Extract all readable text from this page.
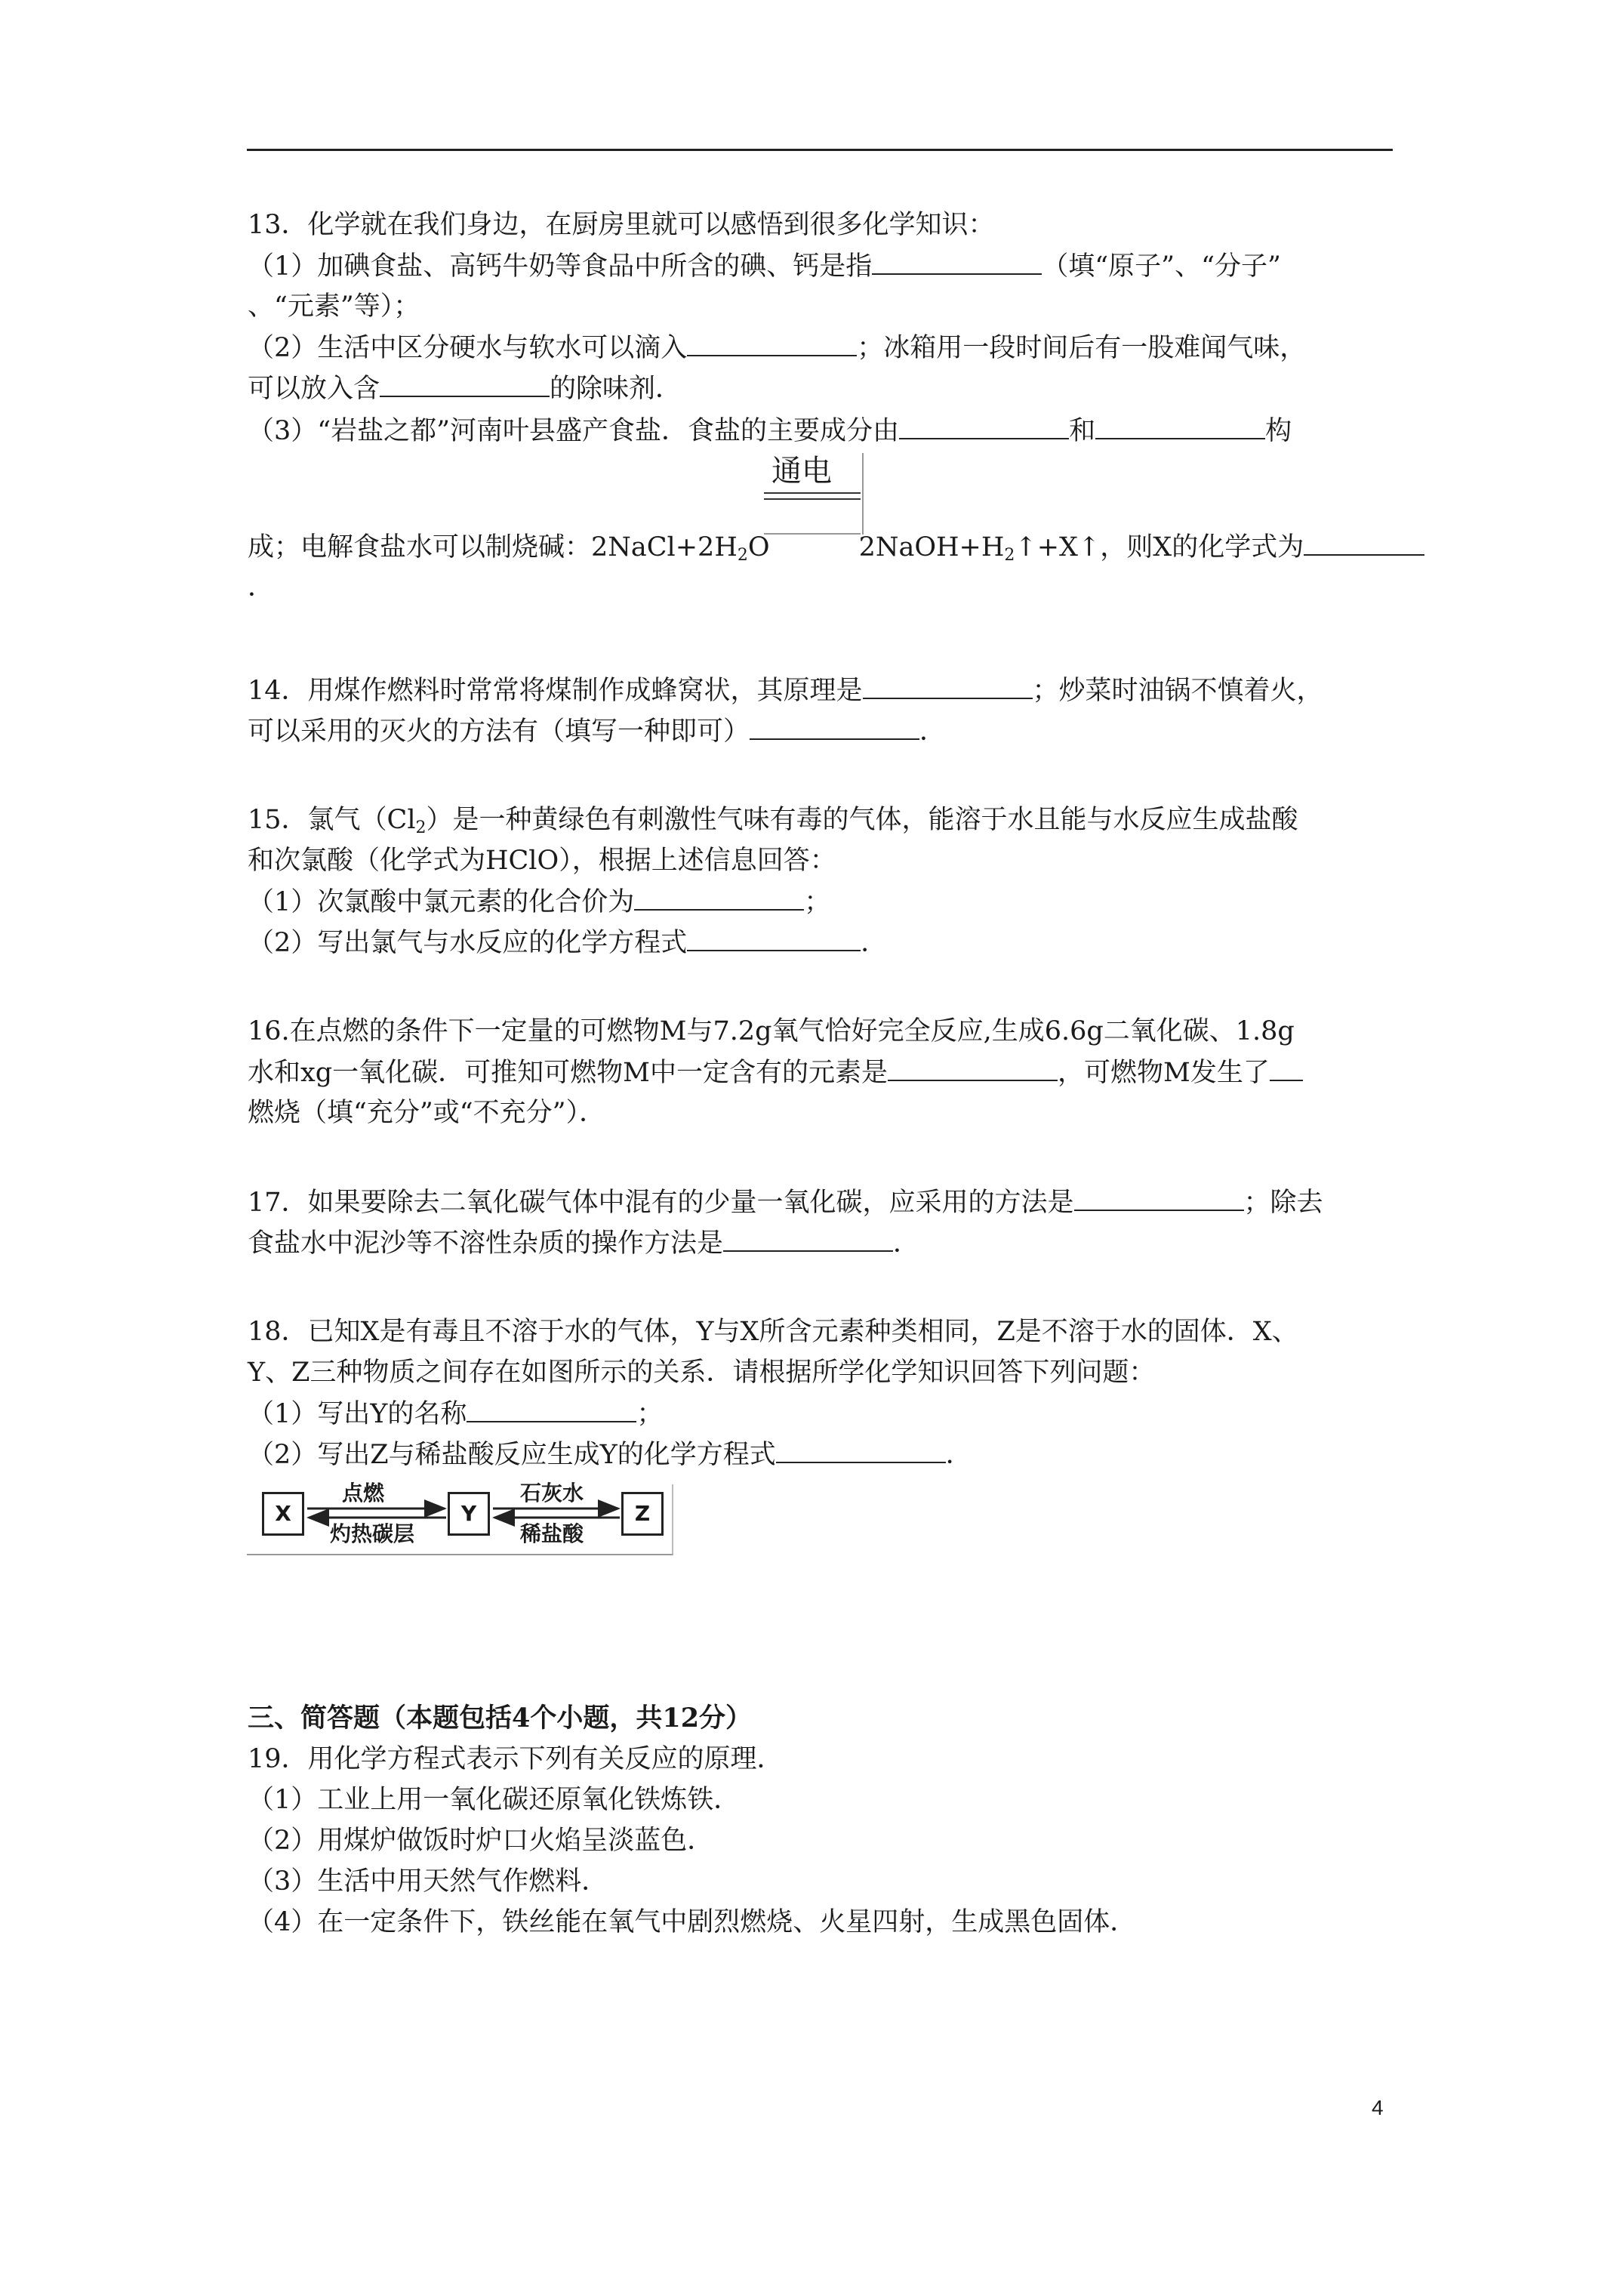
13．化学就在我们身边，在厨房里就可以感悟到很多化学知识：
（1）加碘食盐、高钙牛奶等食品中所含的碘、钙是指	（填“原子”、“分子”
、“元素”等）；
（2）生活中区分硬水与软水可以滴入	；冰箱用一段时间后有一股难闻气味，
可以放入含	的除味剂．
（3）“岩盐之都”河南叶县盛产食盐．食盐的主要成分由	和	构
通电
成；电解食盐水可以制烧碱：$2NaCl+2H_2O$	$2NaOH+H_2↑+X↑$，则X的化学式为
．
14．用煤作燃料时常常将煤制作成蜂窝状，其原理是	；炒菜时油锅不慎着火，
可以采用的灭火的方法有（填写一种即可）	．
15．氯气$(Cl_2)$是一种黄绿色有刺激性气味有毒的气体，能溶于水且能与水反应生成盐酸
和次氯酸（化学式为HClO），根据上述信息回答：
（1）次氯酸中氯元素的化合价为	；
（2）写出氯气与水反应的化学方程式	．
16.在点燃的条件下一定量的可燃物M与7.2g氧气恰好完全反应,生成6.6g二氧化碳、1.8g
水和xg一氧化碳．可推知可燃物M中一定含有的元素是	，可燃物M发生了
燃烧（填“充分”或“不充分”）．
17．如果要除去二氧化碳气体中混有的少量一氧化碳，应采用的方法是	；除去
食盐水中泥沙等不溶性杂质的操作方法是	．
18．已知X是有毒且不溶于水的气体，Y与X所含元素种类相同，Z是不溶于水的固体．X、
Y、Z三种物质之间存在如图所示的关系．请根据所学化学知识回答下列问题：
（1）写出Y的名称	；
（2）写出Z与稀盐酸反应生成Y的化学方程式	．
X	Y	Z
点燃
灼热碳层
石灰水
稀盐酸
三、简答题（本题包括4个小题，共12分）
19．用化学方程式表示下列有关反应的原理．
（1）工业上用一氧化碳还原氧化铁炼铁．
（2）用煤炉做饭时炉口火焰呈淡蓝色．
（3）生活中用天然气作燃料．
（4）在一定条件下，铁丝能在氧气中剧烈燃烧、火星四射，生成黑色固体．
4
